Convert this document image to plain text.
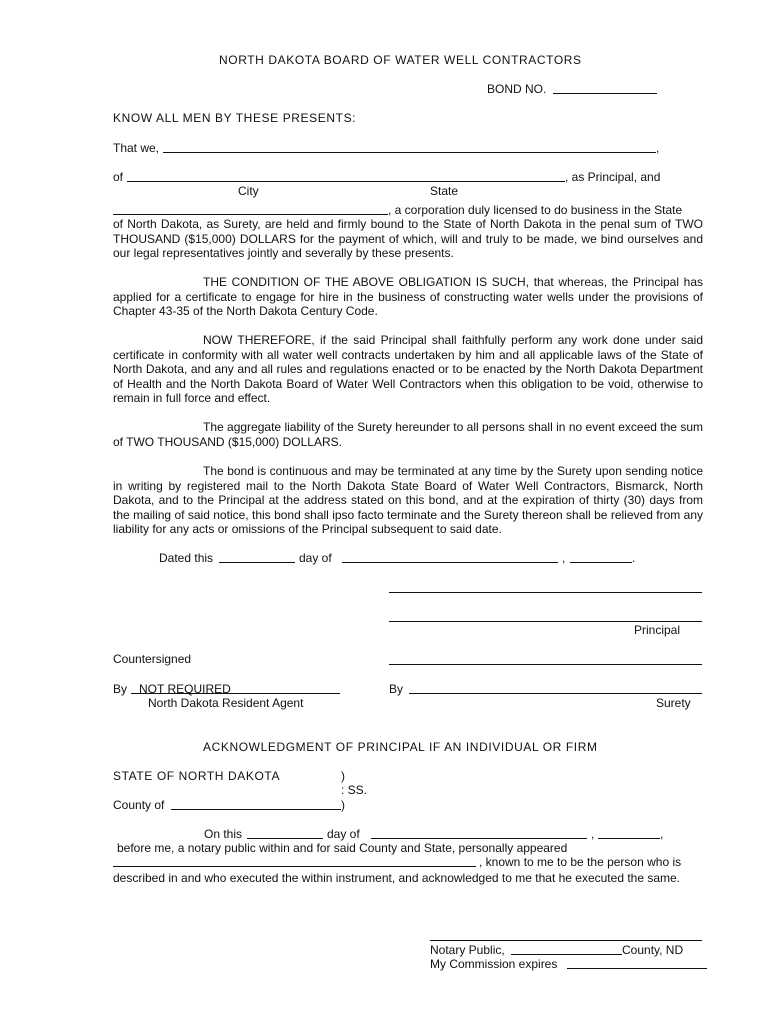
NORTH DAKOTA BOARD OF WATER WELL CONTRACTORS
BOND NO.
KNOW ALL MEN BY THESE PRESENTS:
That we,	,
of	, as Principal, and
City	State
, a corporation duly licensed to do business in the State
of North Dakota, as Surety, are held and firmly bound to the State of North Dakota in the penal sum of TWO THOUSAND ($15,000) DOLLARS for the payment of which, will and truly to be made, we bind ourselves and our legal representatives jointly and severally by these presents.
THE CONDITION OF THE ABOVE OBLIGATION IS SUCH, that whereas, the Principal has applied for a certificate to engage for hire in the business of constructing water wells under the provisions of Chapter 43-35 of the North Dakota Century Code.
NOW THEREFORE, if the said Principal shall faithfully perform any work done under said certificate in conformity with all water well contracts undertaken by him and all applicable laws of the State of North Dakota, and any and all rules and regulations enacted or to be enacted by the North Dakota Department of Health and the North Dakota Board of Water Well Contractors when this obligation to be void, otherwise to remain in full force and effect.
The aggregate liability of the Surety hereunder to all persons shall in no event exceed the sum of TWO THOUSAND ($15,000) DOLLARS.
The bond is continuous and may be terminated at any time by the Surety upon sending notice in writing by registered mail to the North Dakota State Board of Water Well Contractors, Bismarck, North Dakota, and to the Principal at the address stated on this bond, and at the expiration of thirty (30) days from the mailing of said notice, this bond shall ipso facto terminate and the Surety thereon shall be relieved from any liability for any acts or omissions of the Principal subsequent to said date.
Dated this	day of	,	.
Principal
Countersigned
By NOT REQUIRED
North Dakota Resident Agent
By
Surety
ACKNOWLEDGMENT OF PRINCIPAL IF AN INDIVIDUAL OR FIRM
STATE OF NORTH DAKOTA	)
: SS.
County of	)
On this	day of	,	,
before me, a notary public within and for said County and State, personally appeared
, known to me to be the person who is
described in and who executed the within instrument, and acknowledged to me that he executed the same.
Notary Public,	County, ND
My Commission expires
